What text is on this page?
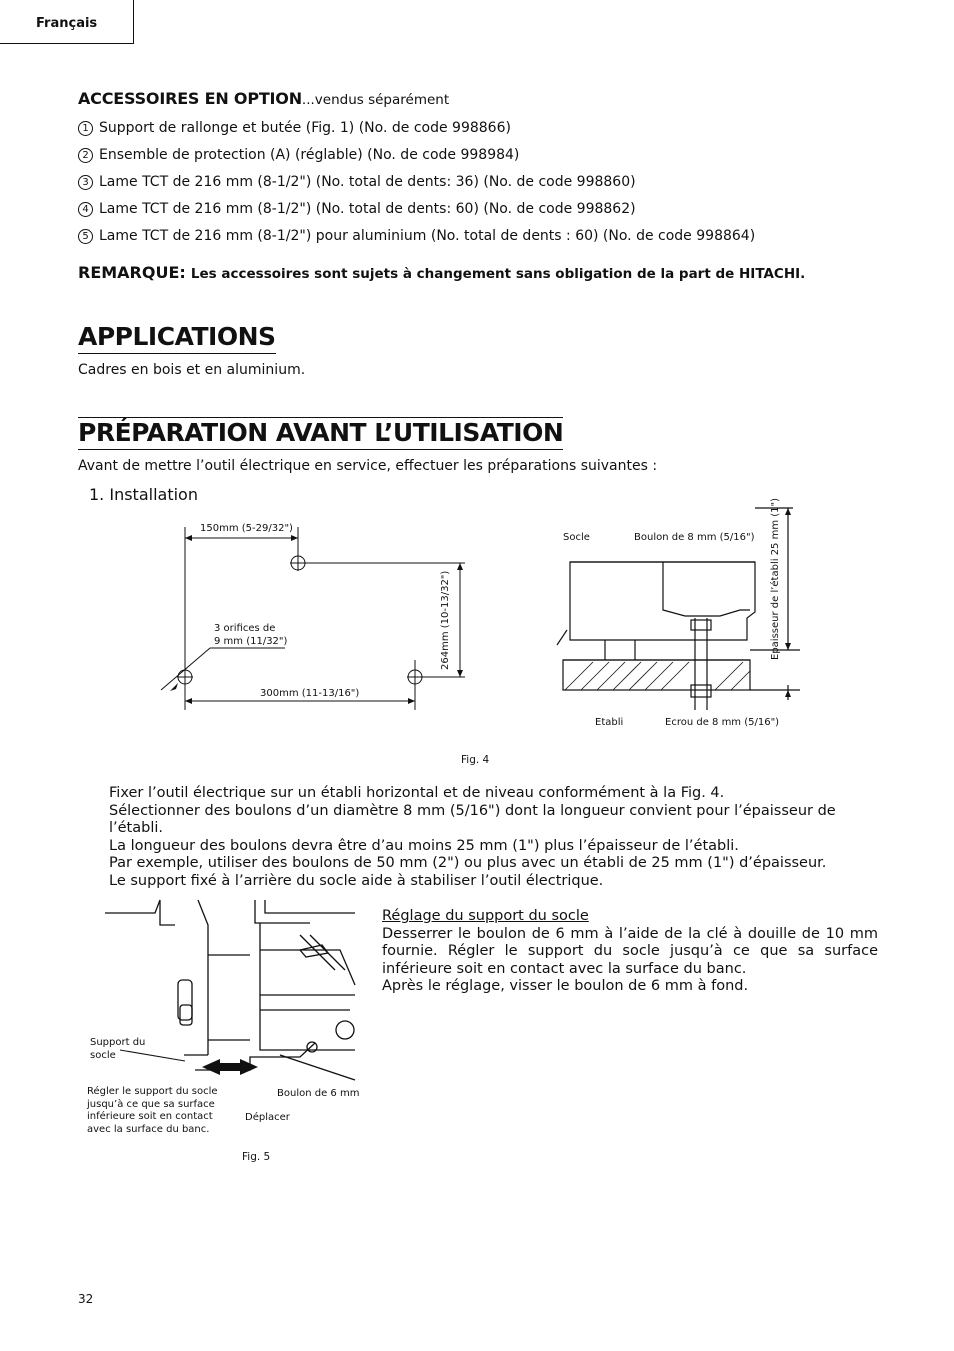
Français
ACCESSOIRES EN OPTION...vendus séparément
1 Support de rallonge et butée (Fig. 1) (No. de code 998866)
2 Ensemble de protection (A) (réglable) (No. de code 998984)
3 Lame TCT de 216 mm (8-1/2") (No. total de dents: 36) (No. de code 998860)
4 Lame TCT de 216 mm (8-1/2") (No. total de dents: 60) (No. de code 998862)
5 Lame TCT de 216 mm (8-1/2") pour aluminium (No. total de dents : 60) (No. de code 998864)
REMARQUE: Les accessoires sont sujets à changement sans obligation de la part de HITACHI.
APPLICATIONS
Cadres en bois et en aluminium.
PRÉPARATION AVANT L’UTILISATION
Avant de mettre l’outil électrique en service, effectuer les préparations suivantes :
1. Installation
150mm (5-29/32")
3 orifices de
9 mm (11/32")	264mm (10-13/32")
300mm (11-13/16")
Socle	Boulon de 8 mm (5/16") Epaisseur de l’établi 25 mm (1")
Etabli	Ecrou de 8 mm (5/16")
Fig. 4
Fixer l’outil électrique sur un établi horizontal et de niveau conformément à la Fig. 4.
Sélectionner des boulons d’un diamètre 8 mm (5/16") dont la longueur convient pour l’épaisseur de
l’établi.
La longueur des boulons devra être d’au moins 25 mm (1") plus l’épaisseur de l’établi.
Par exemple, utiliser des boulons de 50 mm (2") ou plus avec un établi de 25 mm (1") d’épaisseur.
Le support fixé à l’arrière du socle aide à stabiliser l’outil électrique.
Support du
socle
Régler le support du socle
jusqu’à ce que sa surface
inférieure soit en contact
avec la surface du banc.
Boulon de 6 mm
Déplacer
Fig. 5
Réglage du support du socle
Desserrer le boulon de 6 mm à l’aide de la clé à douille de 10 mm fournie. Régler le support du socle jusqu’à ce que sa surface inférieure soit en contact avec la surface du banc.
Après le réglage, visser le boulon de 6 mm à fond.
32
